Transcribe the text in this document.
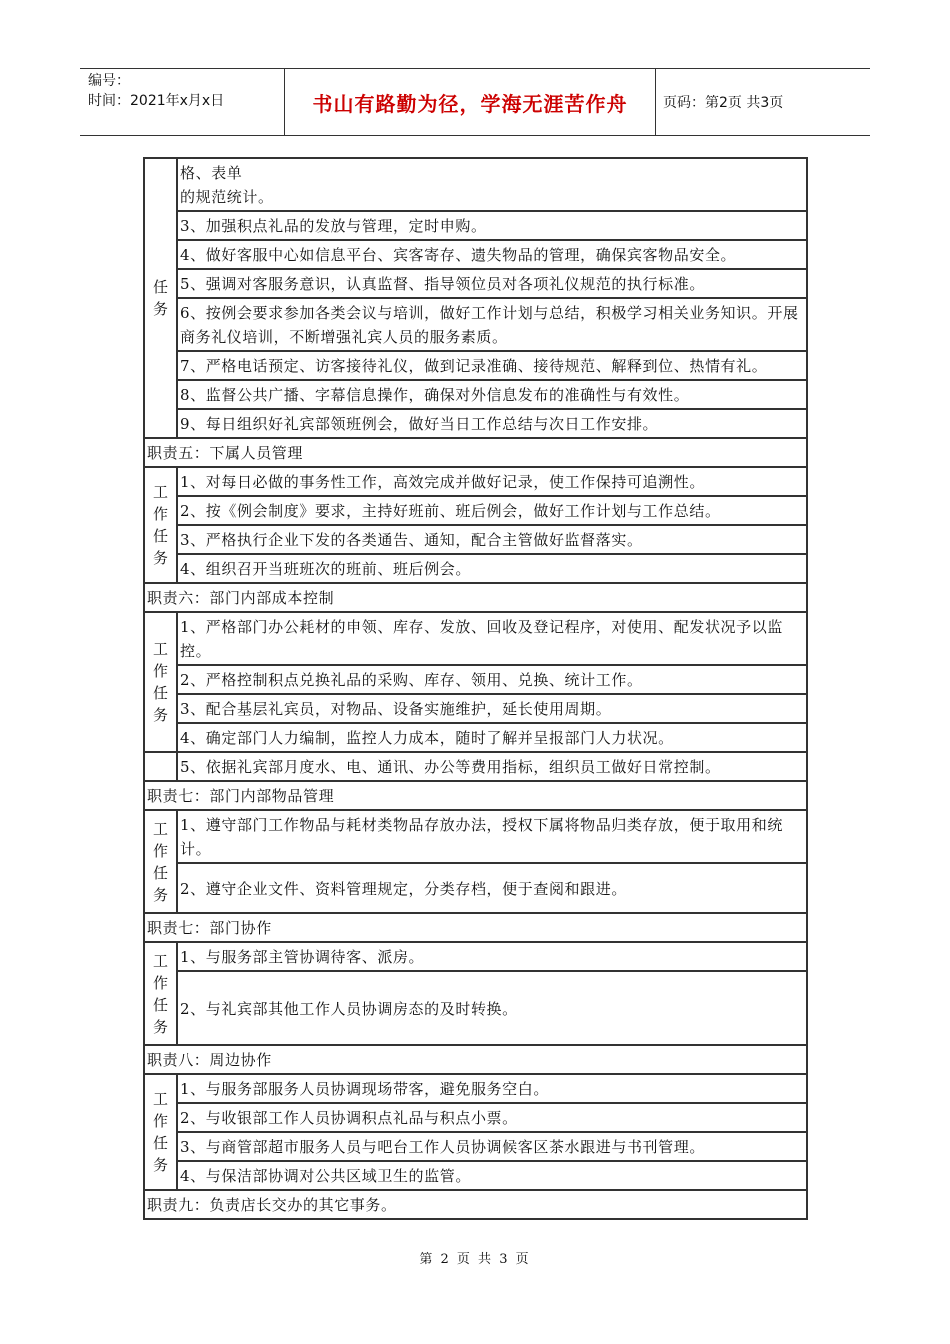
编号：
时间：2021年x月x日	书山有路勤为径，学海无涯苦作舟	页码：第2页 共3页
任务
格、表单
的规范统计。
3、加强积点礼品的发放与管理，定时申购。
4、做好客服中心如信息平台、宾客寄存、遗失物品的管理，确保宾客物品安全。
5、强调对客服务意识，认真监督、指导领位员对各项礼仪规范的执行标准。
6、按例会要求参加各类会议与培训，做好工作计划与总结，积极学习相关业务知识。开展商务礼仪培训，不断增强礼宾人员的服务素质。
7、严格电话预定、访客接待礼仪，做到记录准确、接待规范、解释到位、热情有礼。
8、监督公共广播、字幕信息操作，确保对外信息发布的准确性与有效性。
9、每日组织好礼宾部领班例会，做好当日工作总结与次日工作安排。
职责五：下属人员管理
工作任务
1、对每日必做的事务性工作，高效完成并做好记录，使工作保持可追溯性。
2、按《例会制度》要求，主持好班前、班后例会，做好工作计划与工作总结。
3、严格执行企业下发的各类通告、通知，配合主管做好监督落实。
4、组织召开当班班次的班前、班后例会。
职责六：部门内部成本控制
工作任务
1、严格部门办公耗材的申领、库存、发放、回收及登记程序，对使用、配发状况予以监控。
2、严格控制积点兑换礼品的采购、库存、领用、兑换、统计工作。
3、配合基层礼宾员，对物品、设备实施维护，延长使用周期。
4、确定部门人力编制，监控人力成本，随时了解并呈报部门人力状况。
5、依据礼宾部月度水、电、通讯、办公等费用指标，组织员工做好日常控制。
职责七：部门内部物品管理
工作任务
1、遵守部门工作物品与耗材类物品存放办法，授权下属将物品归类存放，便于取用和统计。
2、遵守企业文件、资料管理规定，分类存档，便于查阅和跟进。
职责七：部门协作
工作任务
1、与服务部主管协调待客、派房。
2、与礼宾部其他工作人员协调房态的及时转换。
职责八：周边协作
工作任务
1、与服务部服务人员协调现场带客，避免服务空白。
2、与收银部工作人员协调积点礼品与积点小票。
3、与商管部超市服务人员与吧台工作人员协调候客区茶水跟进与书刊管理。
4、与保洁部协调对公共区域卫生的监管。
职责九：负责店长交办的其它事务。
第 2 页 共 3 页
